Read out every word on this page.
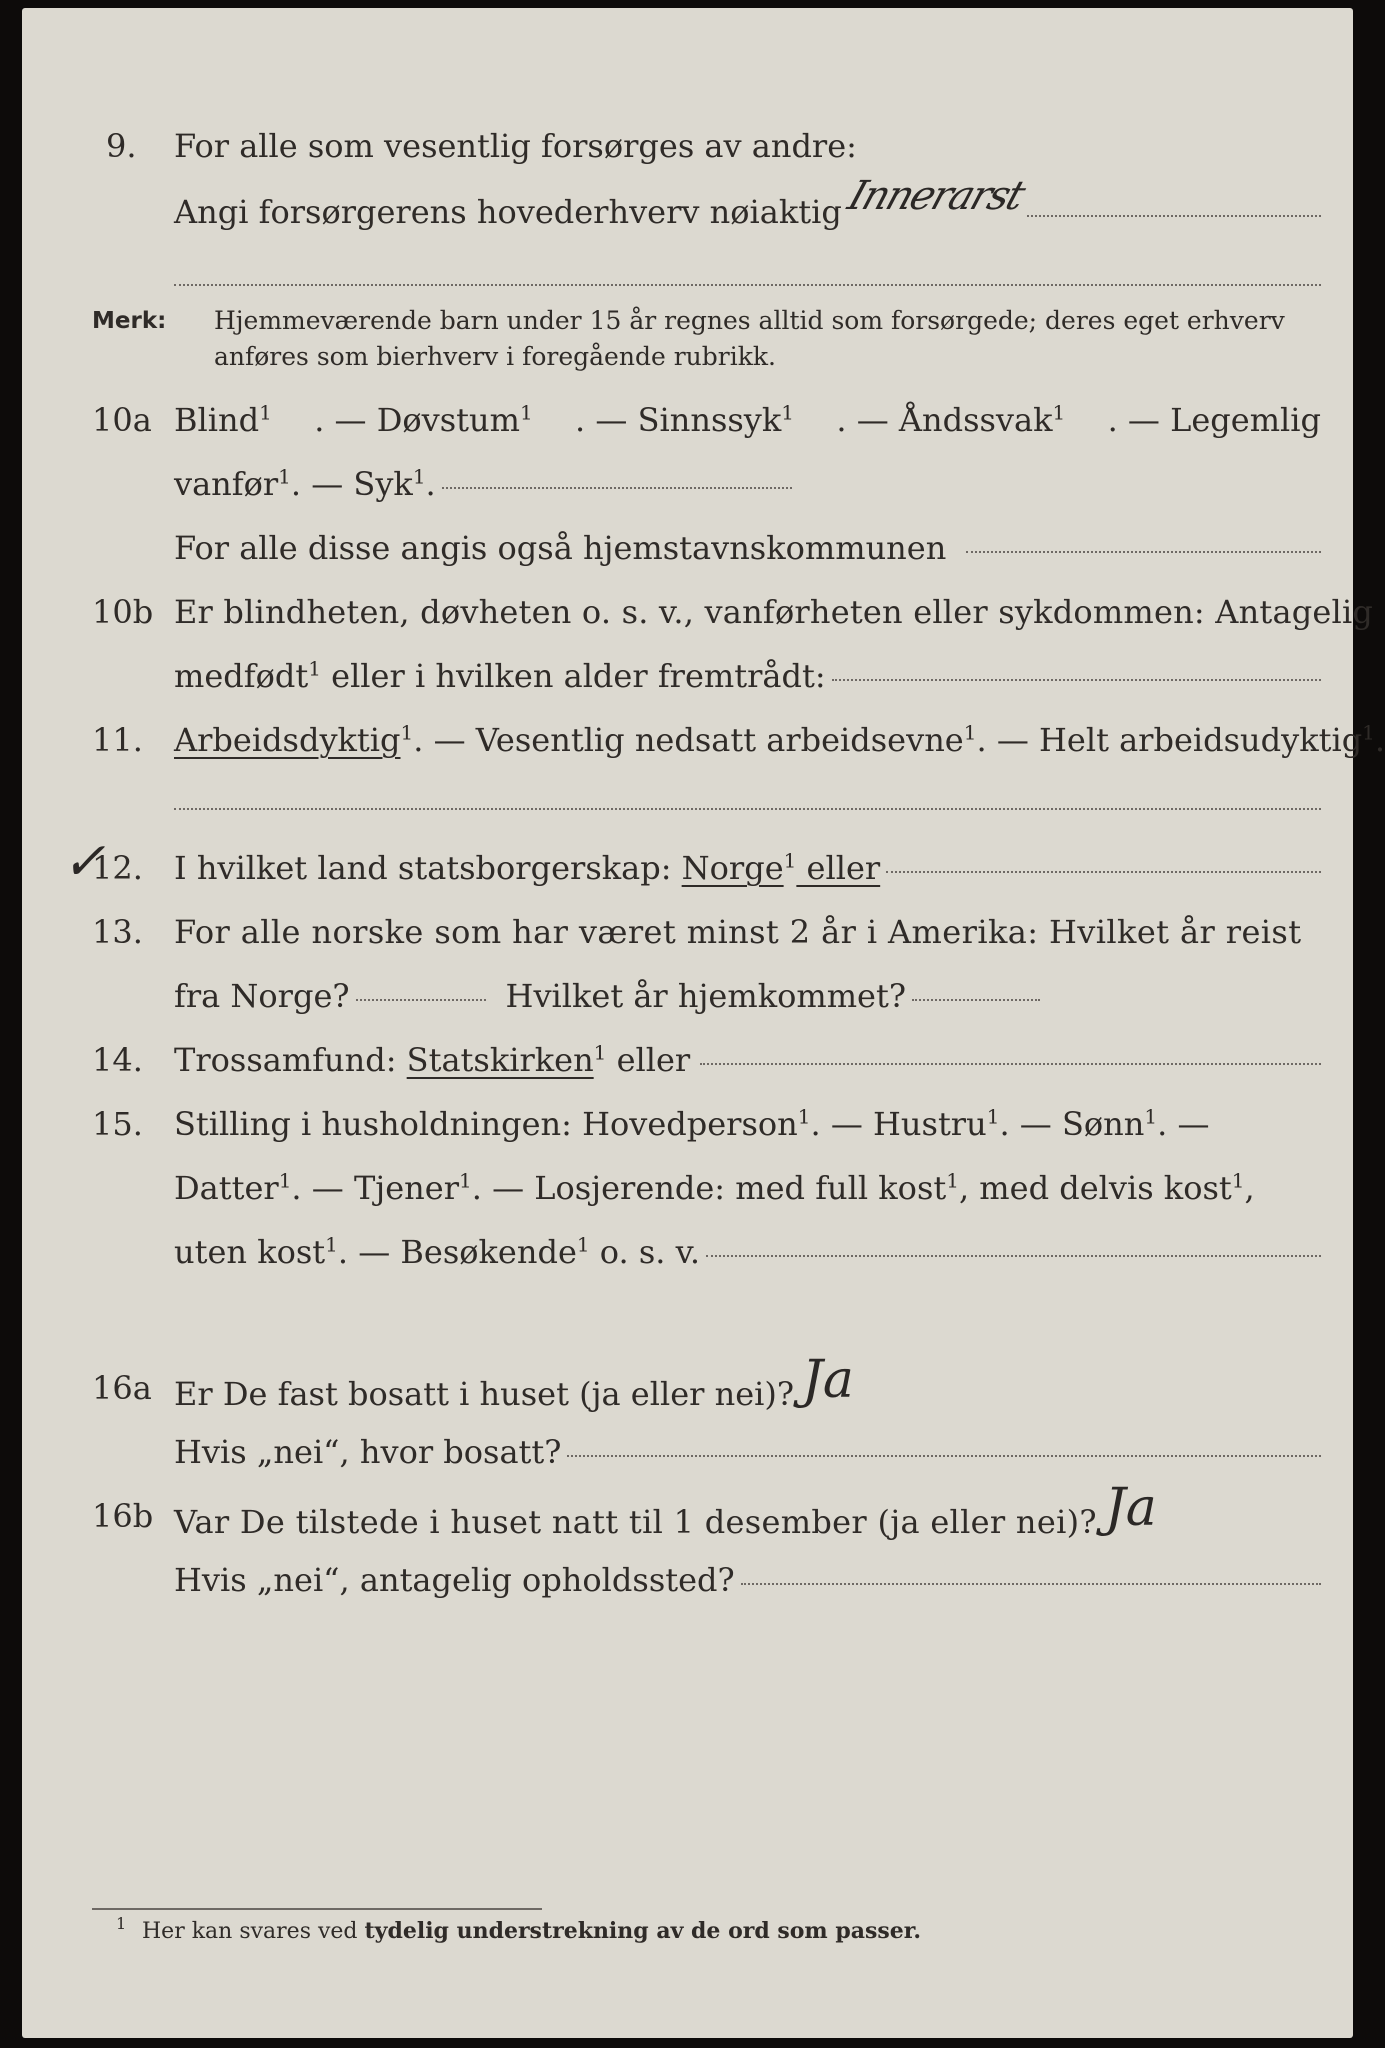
9. For alle som vesentlig forsørges av andre:
Angi forsørgerens hovederhverv nøiaktig Innerarst
Merk: Hjemmeværende barn under 15 år regnes alltid som forsørgede; deres eget erhverv
anføres som bierhverv i foregående rubrikk.
10a Blind$^1$ . — Døvstum$^1$ . — Sinnssyk$^1$ . — Åndssvak$^1$ . — Legemlig
vanfør$^1$. — Syk$^1$.
For alle disse angis også hjemstavnskommunen
10b Er blindheten, døvheten o. s. v., vanførheten eller sykdommen: Antagelig
medfødt$^1$ eller i hvilken alder fremtrådt:
11. Arbeidsdyktig$^1$. — Vesentlig nedsatt arbeidsevne$^1$. — Helt arbeidsudyktig$^1$.
✓
12. I hvilket land statsborgerskap: Norge$^1$ eller
13. For alle norske som har været minst 2 år i Amerika: Hvilket år reist
fra Norge?	Hvilket år hjemkommet?
14. Trossamfund: Statskirken$^1$ eller
15. Stilling i husholdningen: Hovedperson$^1$. — Hustru$^1$. — Sønn$^1$. —
Datter$^1$. — Tjener$^1$. — Losjerende: med full kost$^1$, med delvis kost$^1$,
uten kost$^1$. — Besøkende$^1$ o. s. v.
16a Er De fast bosatt i huset (ja eller nei)? Ja
Hvis „nei“, hvor bosatt?
16b Var De tilstede i huset natt til 1 desember (ja eller nei)? Ja
Hvis „nei“, antagelig opholdssted?
1 Her kan svares ved tydelig understrekning av de ord som passer.
